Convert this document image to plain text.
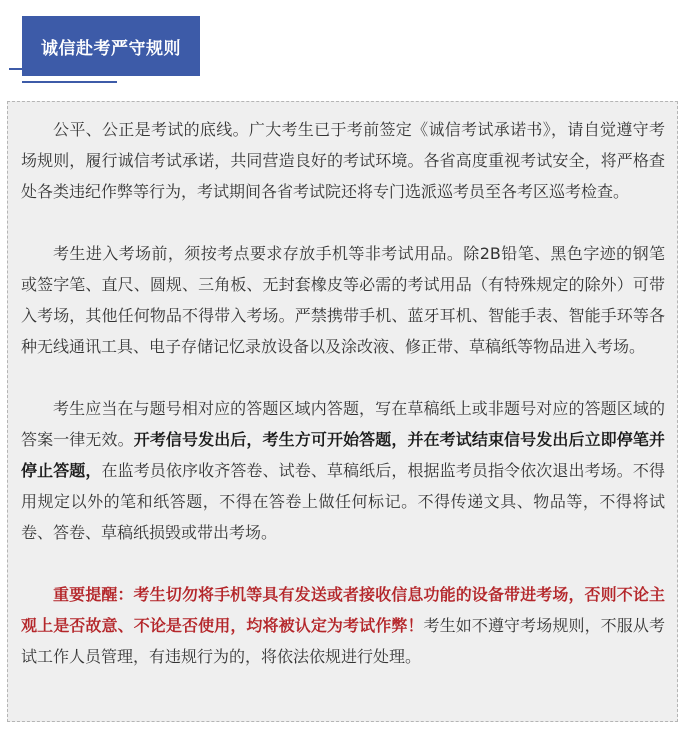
诚信赴考严守规则

公平、公正是考试的底线。广大考生已于考前签定《诚信考试承诺书》，请自觉遵守考场规则，履行诚信考试承诺，共同营造良好的考试环境。各省高度重视考试安全，将严格查处各类违纪作弊等行为，考试期间各省考试院还将专门选派巡考员至各考区巡考检查。

考生进入考场前，须按考点要求存放手机等非考试用品。除2B铅笔、黑色字迹的钢笔或签字笔、直尺、圆规、三角板、无封套橡皮等必需的考试用品（有特殊规定的除外）可带入考场，其他任何物品不得带入考场。严禁携带手机、蓝牙耳机、智能手表、智能手环等各种无线通讯工具、电子存储记忆录放设备以及涂改液、修正带、草稿纸等物品进入考场。

考生应当在与题号相对应的答题区域内答题，写在草稿纸上或非题号对应的答题区域的答案一律无效。开考信号发出后，考生方可开始答题，并在考试结束信号发出后立即停笔并停止答题，在监考员依序收齐答卷、试卷、草稿纸后，根据监考员指令依次退出考场。不得用规定以外的笔和纸答题，不得在答卷上做任何标记。不得传递文具、物品等，不得将试卷、答卷、草稿纸损毁或带出考场。

重要提醒：考生切勿将手机等具有发送或者接收信息功能的设备带进考场，否则不论主观上是否故意、不论是否使用，均将被认定为考试作弊！考生如不遵守考场规则，不服从考试工作人员管理，有违规行为的，将依法依规进行处理。
